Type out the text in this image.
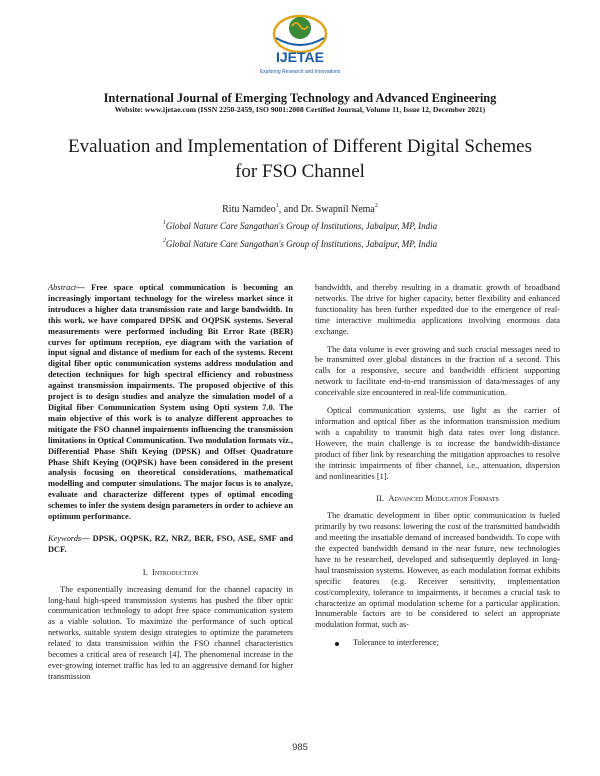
IJETAE
Exploring Research and Innovations
International Journal of Emerging Technology and Advanced Engineering
Website: www.ijetae.com (ISSN 2250-2459, ISO 9001:2008 Certified Journal, Volume 11, Issue 12, December 2021)
Evaluation and Implementation of Different Digital Schemes
for FSO Channel
Ritu Namdeo$^1$, and Dr. Swapnil Nema$^2$
$^1$Global Nature Care Sangathan's Group of Institutions, Jabalpur, MP, India
$^2$Global Nature Care Sangathan's Group of Institutions, Jabalpur, MP, India

Abstract— Free space optical communication is becoming an increasingly important technology for the wireless market since it introduces a higher data transmission rate and large bandwidth. In this work, we have compared DPSK and OQPSK systems. Several measurements were performed including Bit Error Rate (BER) curves for optimum reception, eye diagram with the variation of input signal and distance of medium for each of the systems. Recent digital fiber optic communication systems address modulation and detection techniques for high spectral efficiency and robustness against transmission impairments. The proposed objective of this project is to design studies and analyze the simulation model of a Digital fiber Communication System using Opti system 7.0. The main objective of this work is to analyze different approaches to mitigate the FSO channel impairments influencing the transmission limitations in Optical Communication. Two modulation formats viz., Differential Phase Shift Keying (DPSK) and Offset Quadrature Phase Shift Keying (OQPSK) have been considered in the present analysis focusing on theoretical considerations, mathematical modelling and computer simulations. The major focus is to analyze, evaluate and characterize different types of optimal encoding schemes to infer the system design parameters in order to achieve an optimum performance.

Keywords— DPSK, OQPSK, RZ, NRZ, BER, FSO, ASE, SMF and DCF.

I. Introduction

The exponentially increasing demand for the channel capacity in long-haul high-speed transmission systems has pushed the fiber optic communication technology to adopt free space communication system as a viable solution. To maximize the performance of such optical networks, suitable system design strategies to optimize the parameters related to data transmission within the FSO channel characteristics becomes a critical area of research [4]. The phenomenal increase in the ever-growing internet traffic has led to an aggressive demand for higher transmission

bandwidth, and thereby resulting in a dramatic growth of broadband networks. The drive for higher capacity, better flexibility and enhanced functionality has been further expedited due to the emergence of real-time interactive multimedia applications involving enormous data exchange.

The data volume is ever growing and such crucial messages need to be transmitted over global distances in the fraction of a second. This calls for a responsive, secure and bandwidth efficient supporting network to facilitate end-to-end transmission of data/messages of any conceivable size encountered in real-life communication.

Optical communication systems, use light as the carrier of information and optical fiber as the information transmission medium with a capability to transmit high data rates over long distance. However, the main challenge is to increase the bandwidth-distance product of fiber link by researching the mitigation approaches to resolve the intrinsic impairments of fiber channel, i.e., attenuation, dispersion and nonlinearities [1].

II. Advanced Modulation Formats

The dramatic development in fiber optic communication is fueled primarily by two reasons: lowering the cost of the transmitted bandwidth and meeting the insatiable demand of increased bandwidth. To cope with the expected bandwidth demand in the near future, new technologies have to be researched, developed and subsequently deployed in long-haul transmission systems. However, as each modulation format exhibits specific features (e.g. Receiver sensitivity, implementation cost/complexity, tolerance to impairments, it becomes a crucial task to characterize an optimal modulation scheme for a particular application. Innumerable factors are to be considered to select an appropriate modulation format, such as-

Tolerance to interference;

985
